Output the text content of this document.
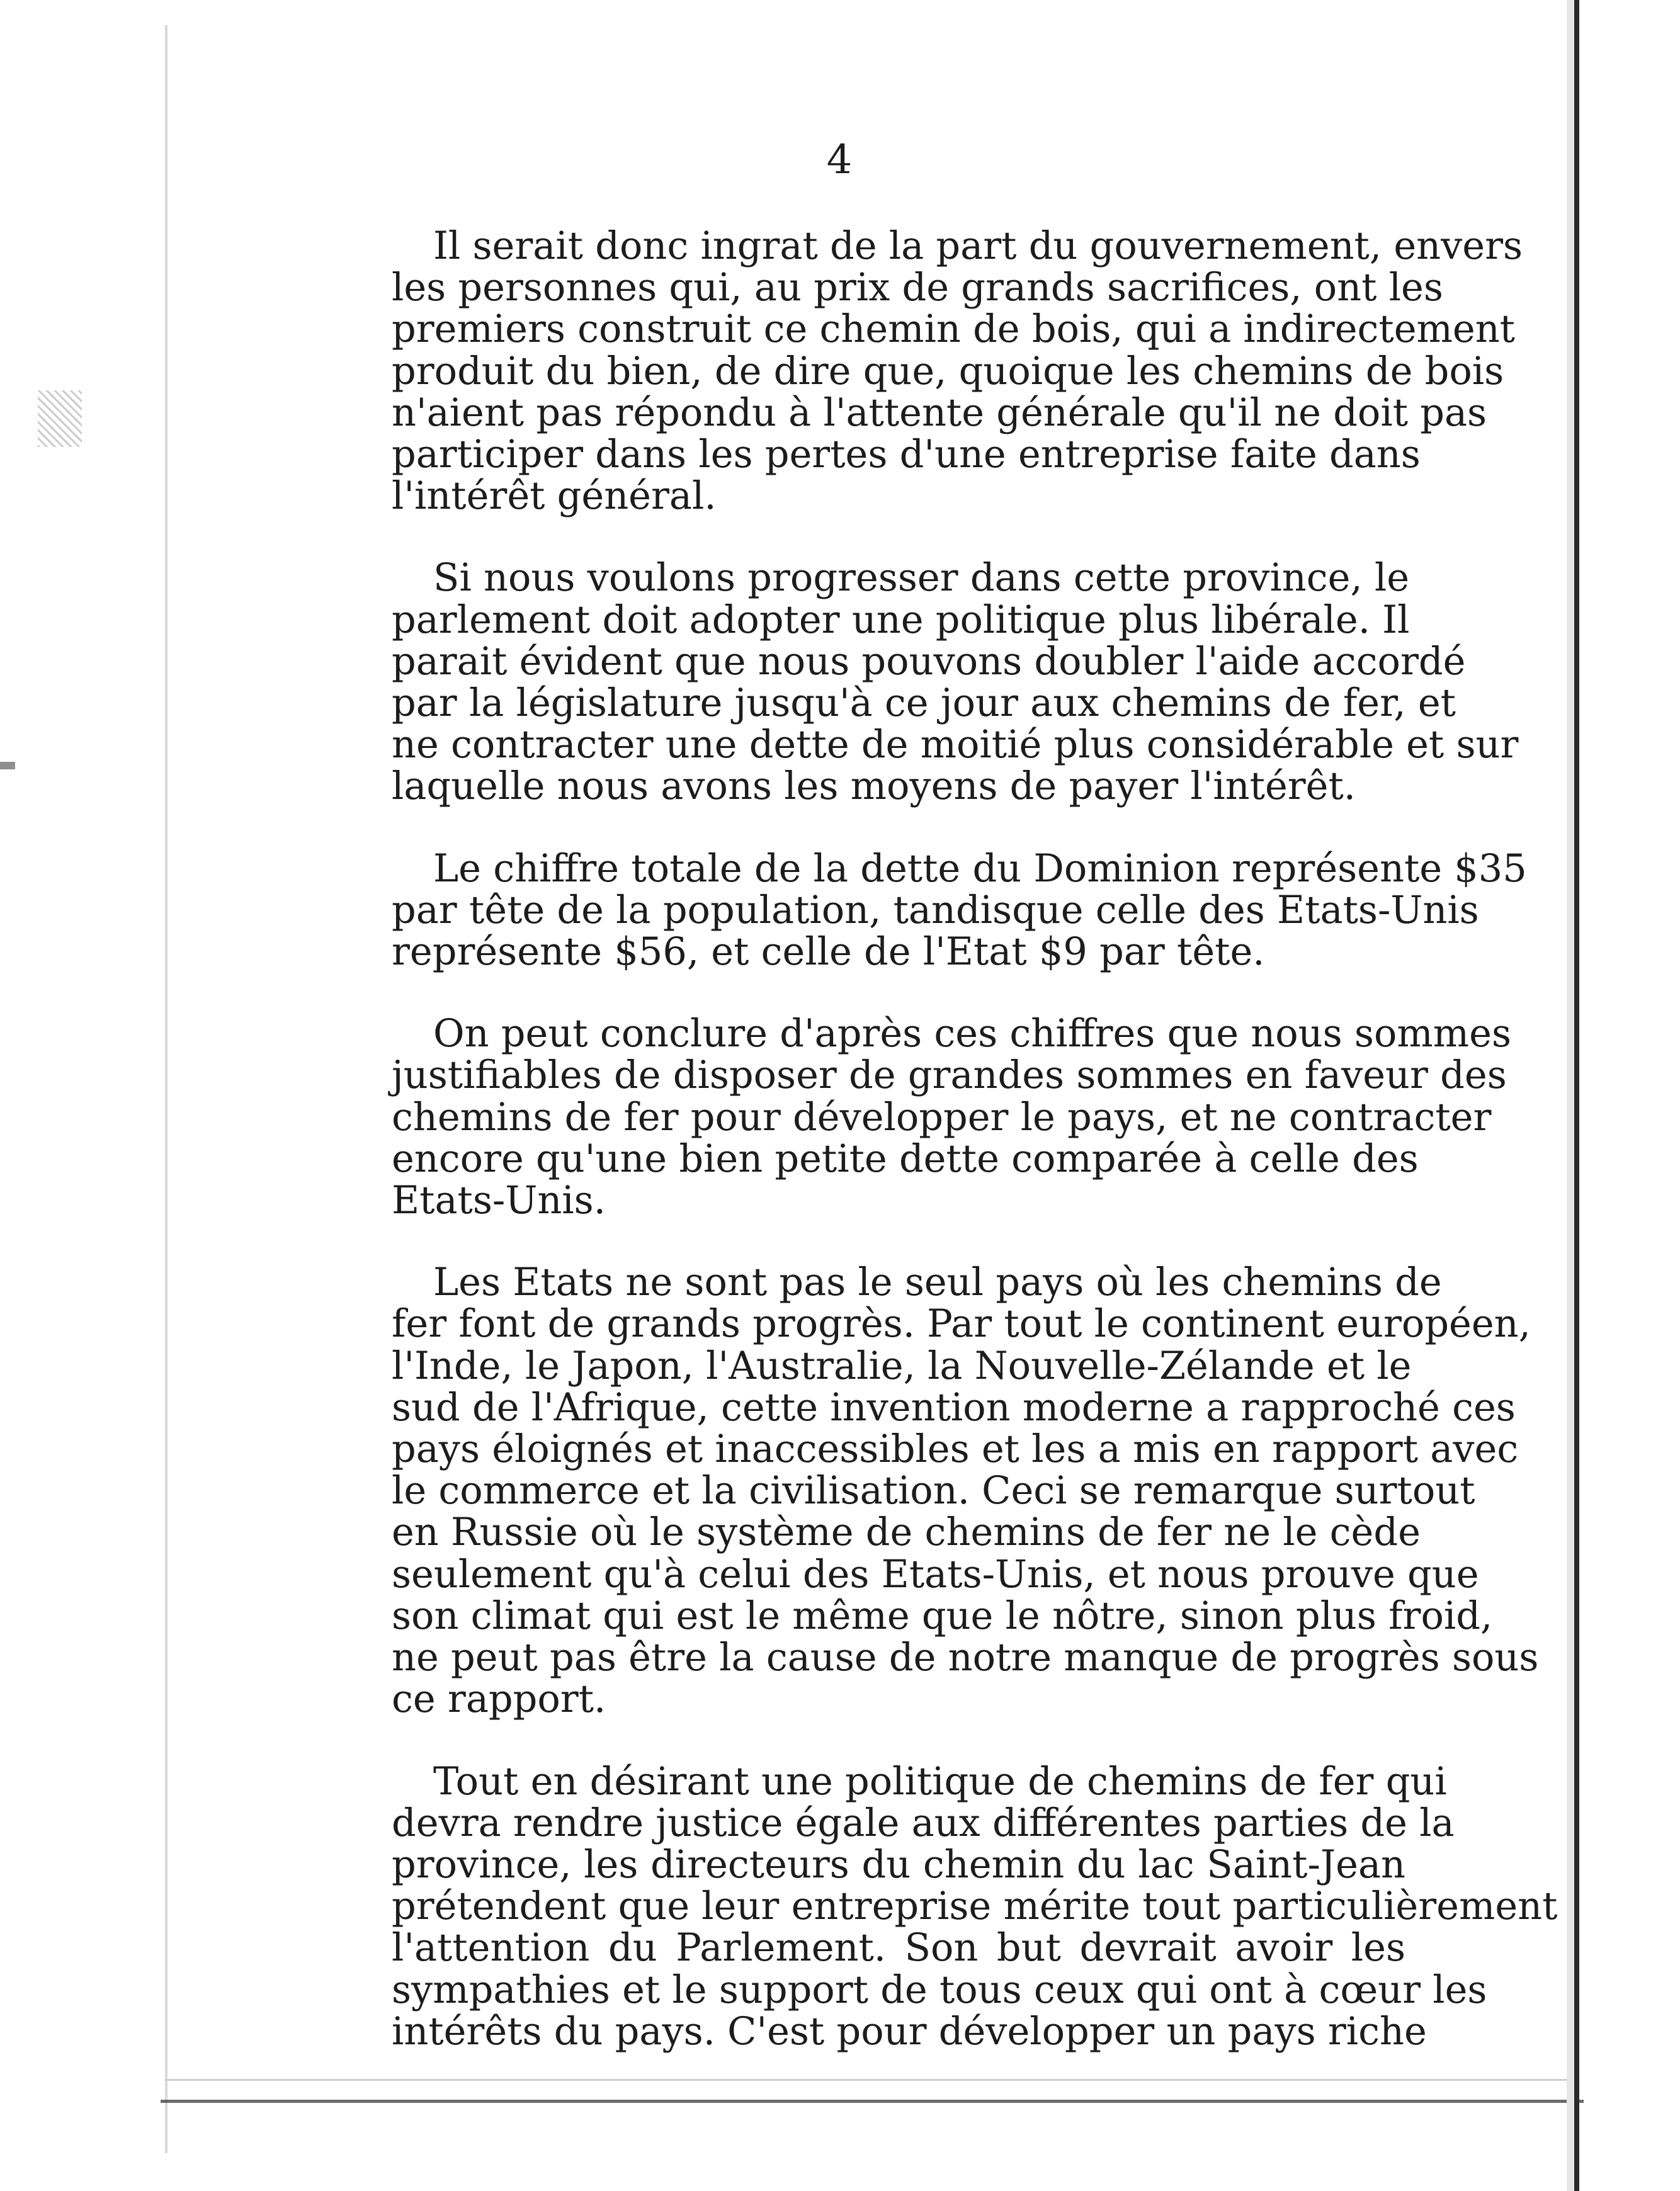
4
Il serait donc ingrat de la part du gouvernement, envers
les personnes qui, au prix de grands sacrifices, ont les
premiers construit ce chemin de bois, qui a indirectement
produit du bien, de dire que, quoique les chemins de bois
n'aient pas répondu à l'attente générale qu'il ne doit pas
participer dans les pertes d'une entreprise faite dans
l'intérêt général.
Si nous voulons progresser dans cette province, le
parlement doit adopter une politique plus libérale. Il
parait évident que nous pouvons doubler l'aide accordé
par la législature jusqu'à ce jour aux chemins de fer, et
ne contracter une dette de moitié plus considérable et sur
laquelle nous avons les moyens de payer l'intérêt.
Le chiffre totale de la dette du Dominion représente $35
par tête de la population, tandisque celle des Etats-Unis
représente $56, et celle de l'Etat $9 par tête.
On peut conclure d'après ces chiffres que nous sommes
justifiables de disposer de grandes sommes en faveur des
chemins de fer pour développer le pays, et ne contracter
encore qu'une bien petite dette comparée à celle des
Etats-Unis.
Les Etats ne sont pas le seul pays où les chemins de
fer font de grands progrès. Par tout le continent européen,
l'Inde, le Japon, l'Australie, la Nouvelle-Zélande et le
sud de l'Afrique, cette invention moderne a rapproché ces
pays éloignés et inaccessibles et les a mis en rapport avec
le commerce et la civilisation. Ceci se remarque surtout
en Russie où le système de chemins de fer ne le cède
seulement qu'à celui des Etats-Unis, et nous prouve que
son climat qui est le même que le nôtre, sinon plus froid,
ne peut pas être la cause de notre manque de progrès sous
ce rapport.
Tout en désirant une politique de chemins de fer qui
devra rendre justice égale aux différentes parties de la
province, les directeurs du chemin du lac Saint-Jean
prétendent que leur entreprise mérite tout particulièrement
l'attention du Parlement. Son but devrait avoir les
sympathies et le support de tous ceux qui ont à cœur les
intérêts du pays. C'est pour développer un pays riche
